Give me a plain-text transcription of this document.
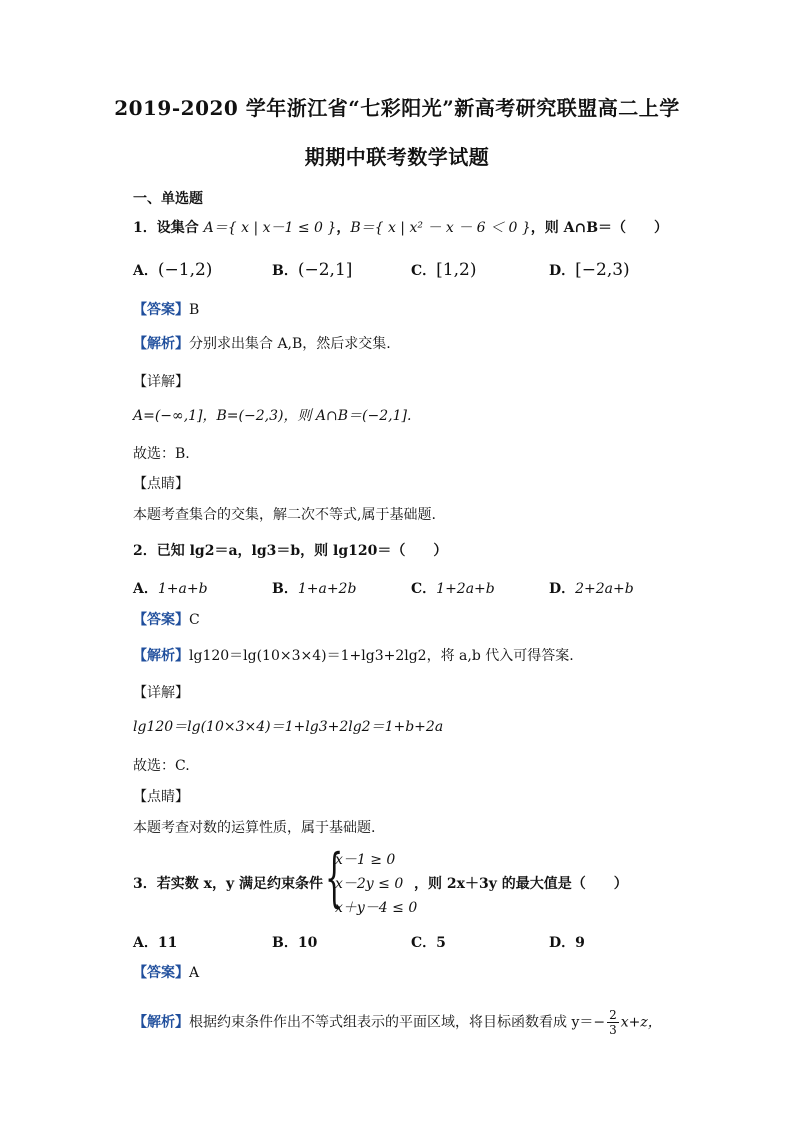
2019-2020 学年浙江省“七彩阳光”新高考研究联盟高二上学
期期中联考数学试题
一、单选题
1．设集合 A＝{ x | x－1 ≤ 0 }，B＝{ x | x² － x － 6 ＜ 0 }，则 A∩B＝（　　）
A．(−1,2)	B．(−2,1]	C．[1,2)	D．[−2,3)
【答案】B
【解析】分别求出集合 A,B，然后求交集.
【详解】
A=(−∞,1]，B=(−2,3)，则 A∩B＝(−2,1].
故选：B.
【点睛】
本题考查集合的交集，解二次不等式,属于基础题.
2．已知 lg2＝a，lg3＝b，则 lg120＝（　　）
A．1+a+b	B．1+a+2b	C．1+2a+b	D．2+2a+b
【答案】C
【解析】lg120＝lg(10×3×4)＝1+lg3+2lg2，将 a,b 代入可得答案.
【详解】
lg120＝lg(10×3×4)＝1+lg3+2lg2＝1+b+2a
故选：C.
【点睛】
本题考查对数的运算性质，属于基础题.
3．若实数 x，y 满足约束条件 {
x－1 ≥ 0
x－2y ≤ 0
x＋y－4 ≤ 0
，则 2x＋3y 的最大值是（　　）
A．11	B．10	C．5	D．9
【答案】A
【解析】根据约束条件作出不等式组表示的平面区域，将目标函数看成 $y=- \frac{2}{3} x+z$，
